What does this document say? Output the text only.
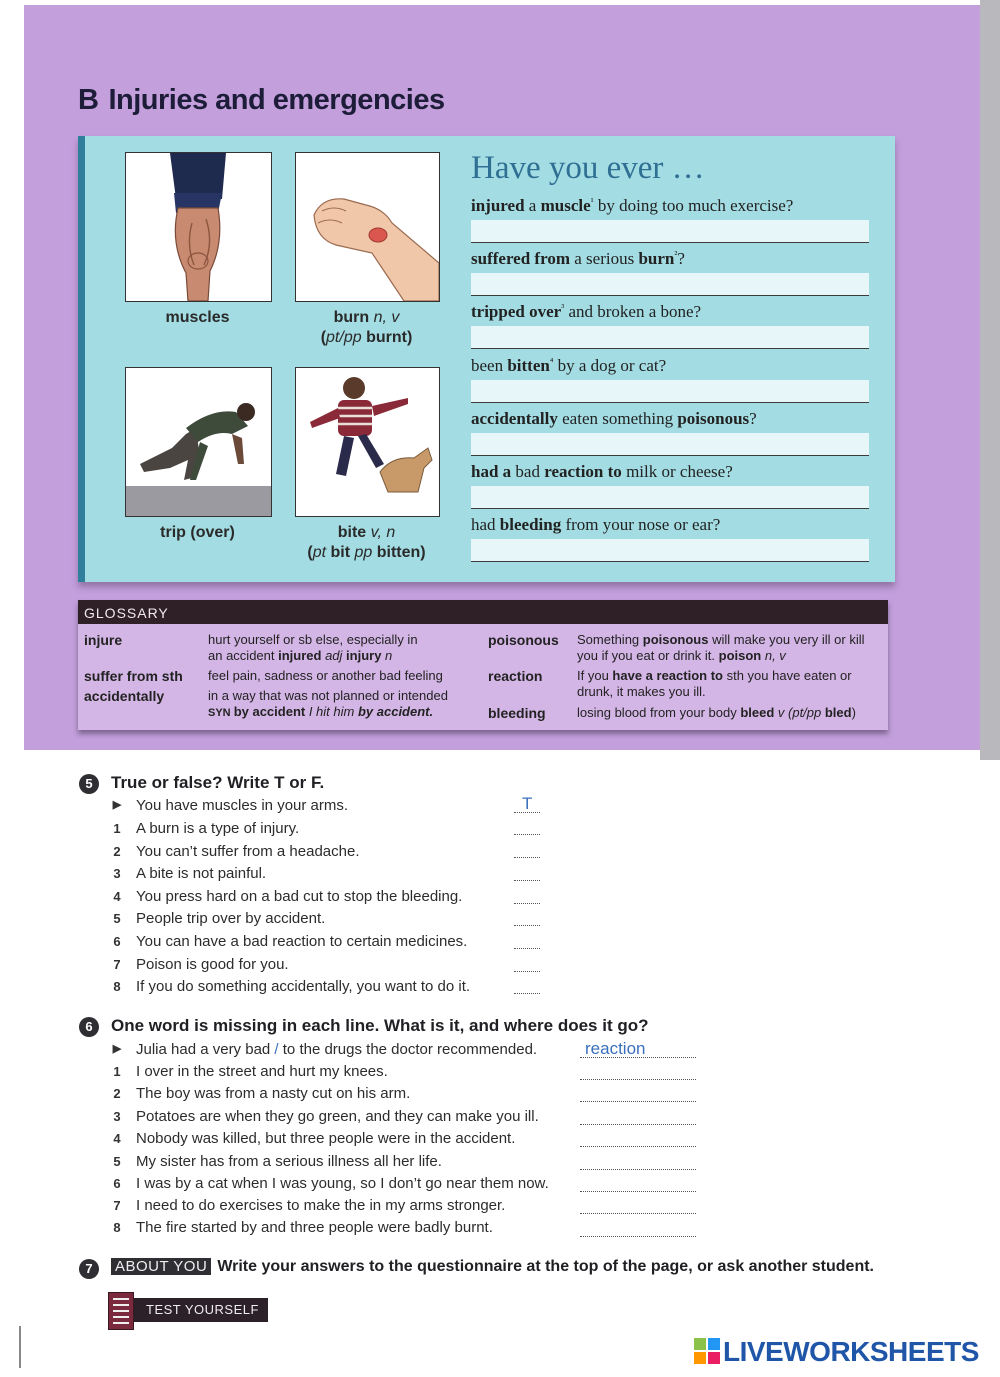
B Injuries and emergencies
muscles	burn n, v
(pt/pp burnt)
trip (over)	bite v, n
(pt bit pp bitten)
Have you ever …
injured a muscle$^{^1}$ by doing too much exercise?
suffered from a serious burn$^{^2}$?
tripped over$^{^3}$ and broken a bone?
been bitten$^{^4}$ by a dog or cat?
accidentally eaten something poisonous?
had a bad reaction to milk or cheese?
had bleeding from your nose or ear?
GLOSSARY
injure	hurt yourself or sb else, especially in
an accident injured adj injury n
suffer from sth feel pain, sadness or another bad feeling
accidentally	in a way that was not planned or intended
SYN by accident I hit him by accident.
poisonous Something poisonous will make you very ill or kill
you if you eat or drink it. poison n, v
reaction	If you have a reaction to sth you have eaten or
drunk, it makes you ill.
bleeding losing blood from your body bleed v (pt/pp bled)
5	True or false? Write T or F.
▶ You have muscles in your arms.	T
1 A burn is a type of injury.
2 You can’t suffer from a headache.
3 A bite is not painful.
4 You press hard on a bad cut to stop the bleeding.
5 People trip over by accident.
6 You can have a bad reaction to certain medicines.
7 Poison is good for you.
8 If you do something accidentally, you want to do it.
6	One word is missing in each line. What is it, and where does it go?
▶ Julia had a very bad / to the drugs the doctor recommended.	reaction
1 I over in the street and hurt my knees.
2 The boy was from a nasty cut on his arm.
3 Potatoes are when they go green, and they can make you ill.
4 Nobody was killed, but three people were in the accident.
5 My sister has from a serious illness all her life.
6 I was by a cat when I was young, so I don’t go near them now.
7 I need to do exercises to make the in my arms stronger.
8 The fire started by and three people were badly burnt.
7	ABOUT YOU Write your answers to the questionnaire at the top of the page, or ask another student.
TEST YOURSELF
LIVEWORKSHEETS
